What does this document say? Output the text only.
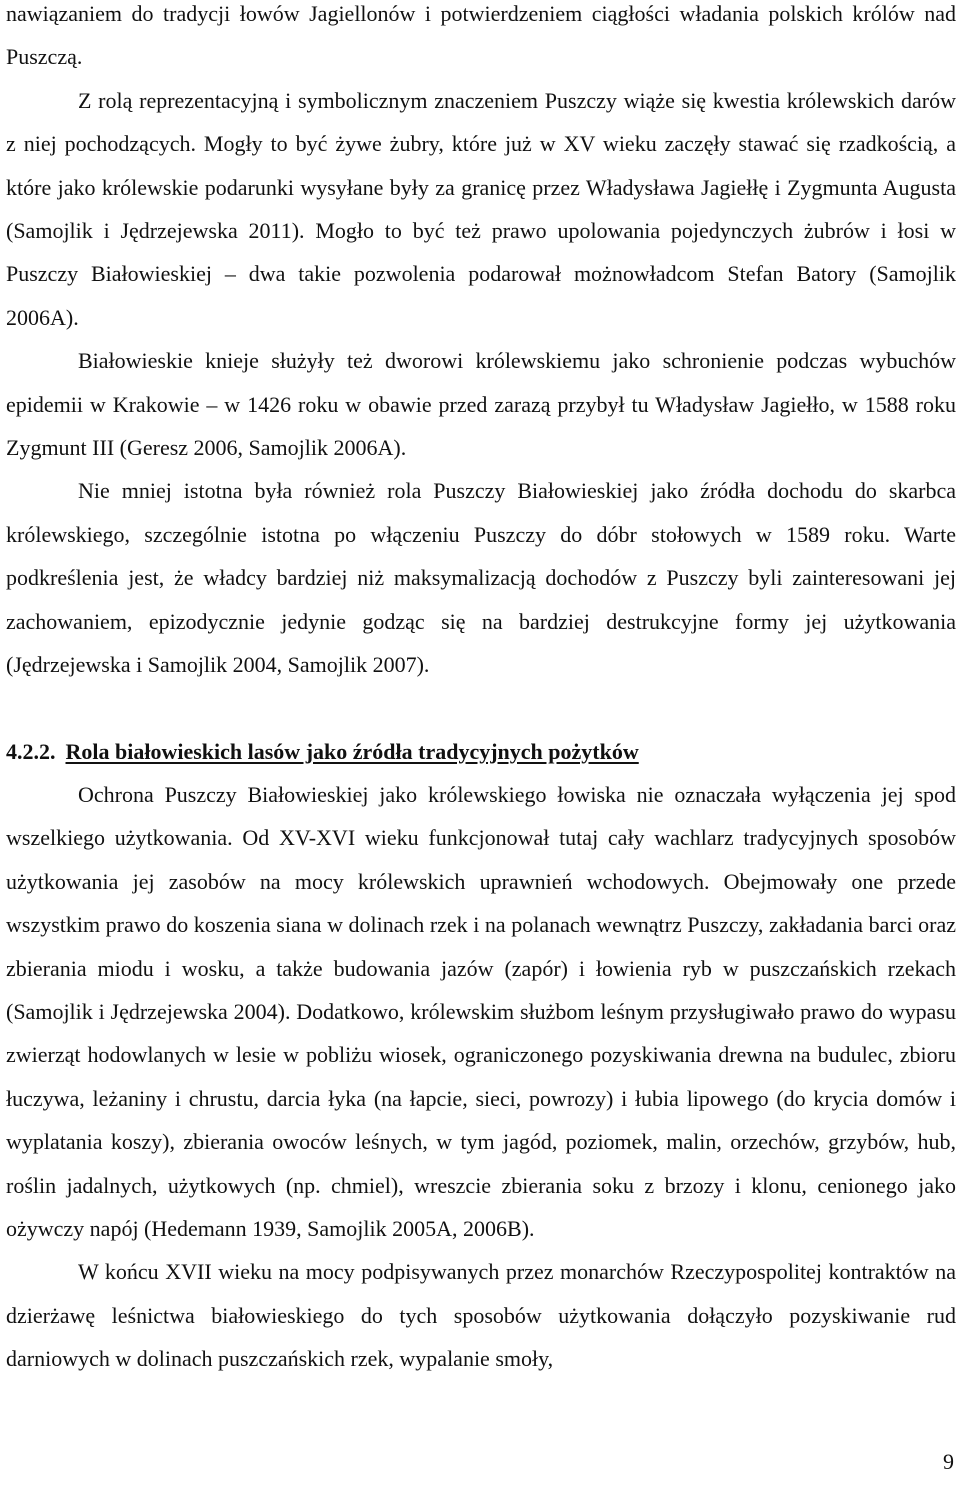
nawiązaniem do tradycji łowów Jagiellonów i potwierdzeniem ciągłości władania polskich królów nad Puszczą.

Z rolą reprezentacyjną i symbolicznym znaczeniem Puszczy wiąże się kwestia królewskich darów z niej pochodzących. Mogły to być żywe żubry, które już w XV wieku zaczęły stawać się rzadkością, a które jako królewskie podarunki wysyłane były za granicę przez Władysława Jagiełłę i Zygmunta Augusta (Samojlik i Jędrzejewska 2011). Mogło to być też prawo upolowania pojedynczych żubrów i łosi w Puszczy Białowieskiej – dwa takie pozwolenia podarował możnowładcom Stefan Batory (Samojlik 2006A).

Białowieskie knieje służyły też dworowi królewskiemu jako schronienie podczas wybuchów epidemii w Krakowie – w 1426 roku w obawie przed zarazą przybył tu Władysław Jagiełło, w 1588 roku Zygmunt III (Geresz 2006, Samojlik 2006A).

Nie mniej istotna była również rola Puszczy Białowieskiej jako źródła dochodu do skarbca królewskiego, szczególnie istotna po włączeniu Puszczy do dóbr stołowych w 1589 roku. Warte podkreślenia jest, że władcy bardziej niż maksymalizacją dochodów z Puszczy byli zainteresowani jej zachowaniem, epizodycznie jedynie godząc się na bardziej destrukcyjne formy jej użytkowania (Jędrzejewska i Samojlik 2004, Samojlik 2007).

4.2.2. Rola białowieskich lasów jako źródła tradycyjnych pożytków

Ochrona Puszczy Białowieskiej jako królewskiego łowiska nie oznaczała wyłączenia jej spod wszelkiego użytkowania. Od XV-XVI wieku funkcjonował tutaj cały wachlarz tradycyjnych sposobów użytkowania jej zasobów na mocy królewskich uprawnień wchodowych. Obejmowały one przede wszystkim prawo do koszenia siana w dolinach rzek i na polanach wewnątrz Puszczy, zakładania barci oraz zbierania miodu i wosku, a także budowania jazów (zapór) i łowienia ryb w puszczańskich rzekach (Samojlik i Jędrzejewska 2004). Dodatkowo, królewskim służbom leśnym przysługiwało prawo do wypasu zwierząt hodowlanych w lesie w pobliżu wiosek, ograniczonego pozyskiwania drewna na budulec, zbioru łuczywa, leżaniny i chrustu, darcia łyka (na łapcie, sieci, powrozy) i łubia lipowego (do krycia domów i wyplatania koszy), zbierania owoców leśnych, w tym jagód, poziomek, malin, orzechów, grzybów, hub, roślin jadalnych, użytkowych (np. chmiel), wreszcie zbierania soku z brzozy i klonu, cenionego jako ożywczy napój (Hedemann 1939, Samojlik 2005A, 2006B).

W końcu XVII wieku na mocy podpisywanych przez monarchów Rzeczypospolitej kontraktów na dzierżawę leśnictwa białowieskiego do tych sposobów użytkowania dołączyło pozyskiwanie rud darniowych w dolinach puszczańskich rzek, wypalanie smoły,

9
